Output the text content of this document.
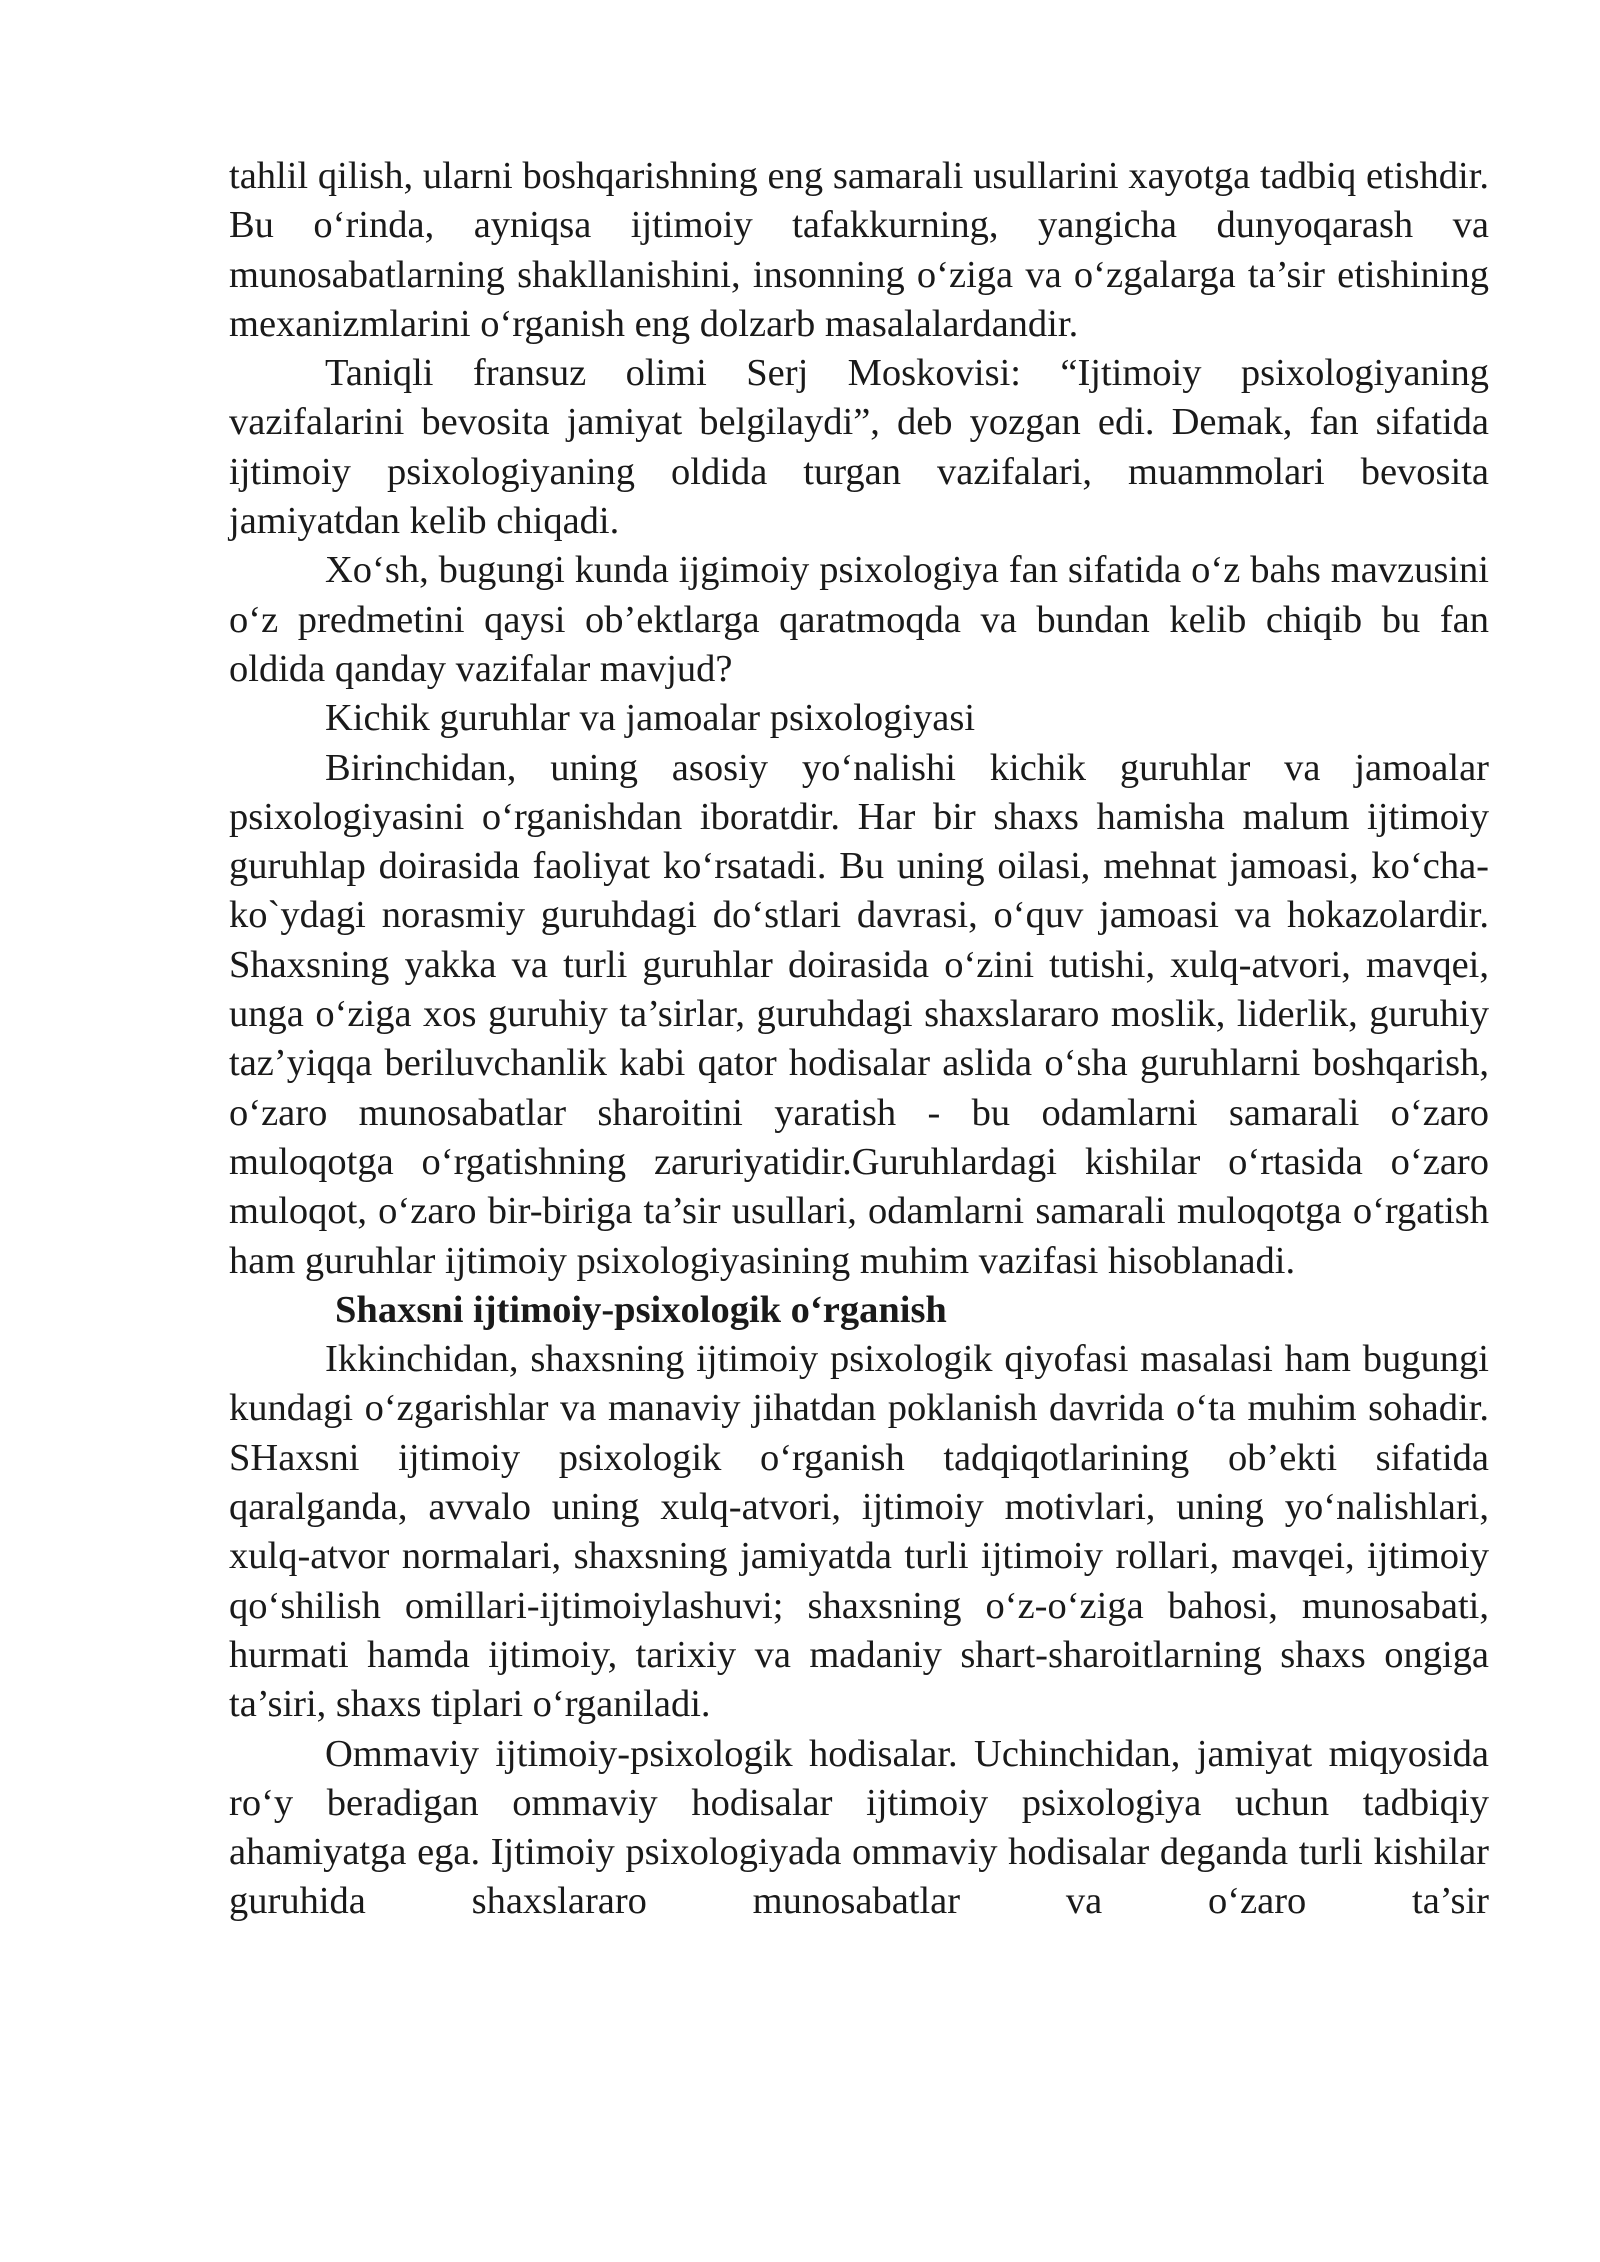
tahlil qilish, ularni boshqarishning eng samarali usullarini xayotga tadbiq etishdir. Bu o‘rinda, ayniqsa ijtimoiy tafakkurning, yangicha dunyoqarash va munosabatlarning shakllanishini, insonning o‘ziga va o‘zgalarga ta’sir etishining mexanizmlarini o‘rganish eng dolzarb masalalardandir.

Taniqli fransuz olimi Serj Moskovisi: “Ijtimoiy psixologiyaning vazifalarini bevosita jamiyat belgilaydi”, deb yozgan edi. Demak, fan sifatida ijtimoiy psixologiyaning oldida turgan vazifalari, muammolari bevosita jamiyatdan kelib chiqadi.

Xo‘sh, bugungi kunda ijgimoiy psixologiya fan sifatida o‘z bahs mavzusini o‘z predmetini qaysi ob’ektlarga qaratmoqda va bundan kelib chiqib bu fan oldida qanday vazifalar mavjud?

Kichik guruhlar va jamoalar psixologiyasi

Birinchidan, uning asosiy yo‘nalishi kichik guruhlar va jamoalar psixologiyasini o‘rganishdan iboratdir. Har bir shaxs hamisha malum ijtimoiy guruhlap doirasida faoliyat ko‘rsatadi. Bu uning oilasi, mehnat jamoasi, ko‘cha-ko`ydagi norasmiy guruhdagi do‘stlari davrasi, o‘quv jamoasi va hokazolardir. Shaxsning yakka va turli guruhlar doirasida o‘zini tutishi, xulq-atvori, mavqei, unga o‘ziga xos guruhiy ta’sirlar, guruhdagi shaxslararo moslik, liderlik, guruhiy taz’yiqqa beriluvchanlik kabi qator hodisalar aslida o‘sha guruhlarni boshqarish, o‘zaro munosabatlar sharoitini yaratish - bu odamlarni samarali o‘zaro muloqotga o‘rgatishning zaruriyatidir.Guruhlardagi kishilar o‘rtasida o‘zaro muloqot, o‘zaro bir-biriga ta’sir usullari, odamlarni samarali muloqotga o‘rgatish ham guruhlar ijtimoiy psixologiyasining muhim vazifasi hisoblanadi.

Shaxsni ijtimoiy-psixologik o‘rganish

Ikkinchidan, shaxsning ijtimoiy psixologik qiyofasi masalasi ham bugungi kundagi o‘zgarishlar va manaviy jihatdan poklanish davrida o‘ta muhim sohadir. SHaxsni ijtimoiy psixologik o‘rganish tadqiqotlarining ob’ekti sifatida qaralganda, avvalo uning xulq-atvori, ijtimoiy motivlari, uning yo‘nalishlari, xulq-atvor normalari, shaxsning jamiyatda turli ijtimoiy rollari, mavqei, ijtimoiy qo‘shilish omillari-ijtimoiylashuvi; shaxsning o‘z-o‘ziga bahosi, munosabati, hurmati hamda ijtimoiy, tarixiy va madaniy shart-sharoitlarning shaxs ongiga ta’siri, shaxs tiplari o‘rganiladi.

Ommaviy ijtimoiy-psixologik hodisalar. Uchinchidan, jamiyat miqyosida ro‘y beradigan ommaviy hodisalar ijtimoiy psixologiya uchun tadbiqiy ahamiyatga ega. Ijtimoiy psixologiyada ommaviy hodisalar deganda turli kishilar guruhida shaxslararo munosabatlar va o‘zaro ta’sir
